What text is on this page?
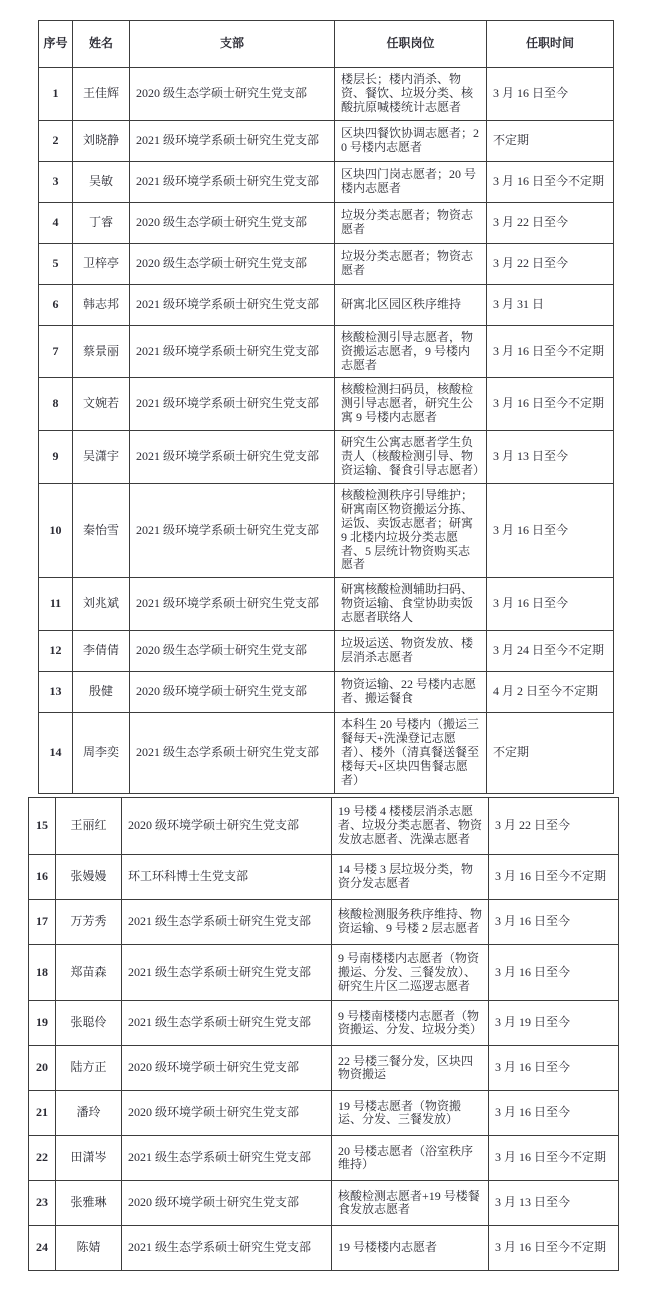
序号	姓名	支部	任职岗位	任职时间
1	王佳辉	2020 级生态学硕士研究生党支部	楼层长；楼内消杀、物资、餐饮、垃圾分类、核酸抗原喊楼统计志愿者	3 月 16 日至今
2	刘晓静	2021 级环境学系硕士研究生党支部	区块四餐饮协调志愿者；20 号楼内志愿者	不定期
3	吴敏	2021 级环境学系硕士研究生党支部	区块四门岗志愿者；20 号楼内志愿者	3 月 16 日至今不定期
4	丁睿	2020 级生态学硕士研究生党支部	垃圾分类志愿者；物资志愿者	3 月 22 日至今
5	卫梓亭	2020 级生态学硕士研究生党支部	垃圾分类志愿者；物资志愿者	3 月 22 日至今
6	韩志邦	2021 级环境学系硕士研究生党支部	研寓北区园区秩序维持	3 月 31 日
7	蔡景丽	2021 级环境学系硕士研究生党支部	核酸检测引导志愿者，物资搬运志愿者，9 号楼内志愿者	3 月 16 日至今不定期
8	文婉若	2021 级环境学系硕士研究生党支部	核酸检测扫码员，核酸检测引导志愿者，研究生公寓 9 号楼内志愿者	3 月 16 日至今不定期
9	吴潇宇	2021 级环境学系硕士研究生党支部	研究生公寓志愿者学生负责人（核酸检测引导、物资运输、餐食引导志愿者）	3 月 13 日至今
10	秦怡雪	2021 级环境学系硕士研究生党支部	核酸检测秩序引导维护；研寓南区物资搬运分拣、运饭、卖饭志愿者；研寓 9 北楼内垃圾分类志愿者、5 层统计物资购买志愿者	3 月 16 日至今
11	刘兆斌	2021 级环境学系硕士研究生党支部	研寓核酸检测辅助扫码、物资运输、食堂协助卖饭志愿者联络人	3 月 16 日至今
12	李倩倩	2020 级生态学硕士研究生党支部	垃圾运送、物资发放、楼层消杀志愿者	3 月 24 日至今不定期
13	殷健	2020 级环境学硕士研究生党支部	物资运输、22 号楼内志愿者、搬运餐食	4 月 2 日至今不定期
14	周李奕	2021 级生态学系硕士研究生党支部	本科生 20 号楼内（搬运三餐每天+洗澡登记志愿者）、楼外（清真餐送餐至楼每天+区块四售餐志愿者）	不定期
15	王丽红	2020 级环境学硕士研究生党支部	19 号楼 4 楼楼层消杀志愿者、垃圾分类志愿者、物资发放志愿者、洗澡志愿者	3 月 22 日至今
16	张嫚嫚	环工环科博士生党支部	14 号楼 3 层垃圾分类，物资分发志愿者	3 月 16 日至今不定期
17	万芳秀	2021 级生态学系硕士研究生党支部	核酸检测服务秩序维持、物资运输、9 号楼 2 层志愿者	3 月 16 日至今
18	郑苗森	2021 级生态学系硕士研究生党支部	9 号南楼楼内志愿者（物资搬运、分发、三餐发放）、研究生片区二巡逻志愿者	3 月 16 日至今
19	张聪伶	2021 级生态学系硕士研究生党支部	9 号楼南楼楼内志愿者（物资搬运、分发、垃圾分类）	3 月 19 日至今
20	陆方正	2020 级环境学硕士研究生党支部	22 号楼三餐分发，区块四物资搬运	3 月 16 日至今
21	潘玲	2020 级环境学硕士研究生党支部	19 号楼志愿者（物资搬运、分发、三餐发放）	3 月 16 日至今
22	田潇岑	2021 级生态学系硕士研究生党支部	20 号楼志愿者（浴室秩序维持）	3 月 16 日至今不定期
23	张雅琳	2020 级环境学硕士研究生党支部	核酸检测志愿者+19 号楼餐食发放志愿者	3 月 13 日至今
24	陈婧	2021 级生态学系硕士研究生党支部	19 号楼楼内志愿者	3 月 16 日至今不定期
